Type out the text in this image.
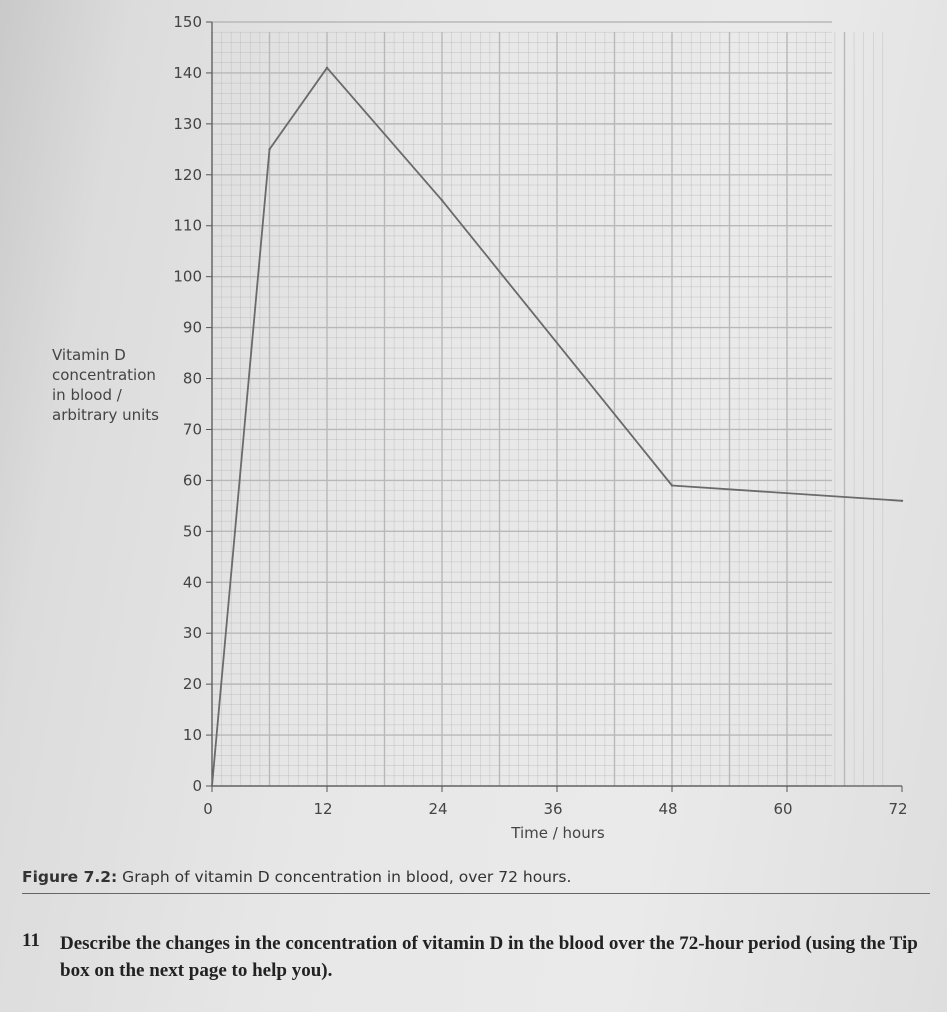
0
10
20
30
40
50
60
70
80
90
100
110
120
130
140
150
0	12	24	36	48	60	72
Time / hours
Vitamin D
concentration
in blood /
arbitrary units
Figure 7.2: Graph of vitamin D concentration in blood, over 72 hours.
11 Describe the changes in the concentration of vitamin D in the blood over the 72-hour period (using the Tip box on the next page to help you).
